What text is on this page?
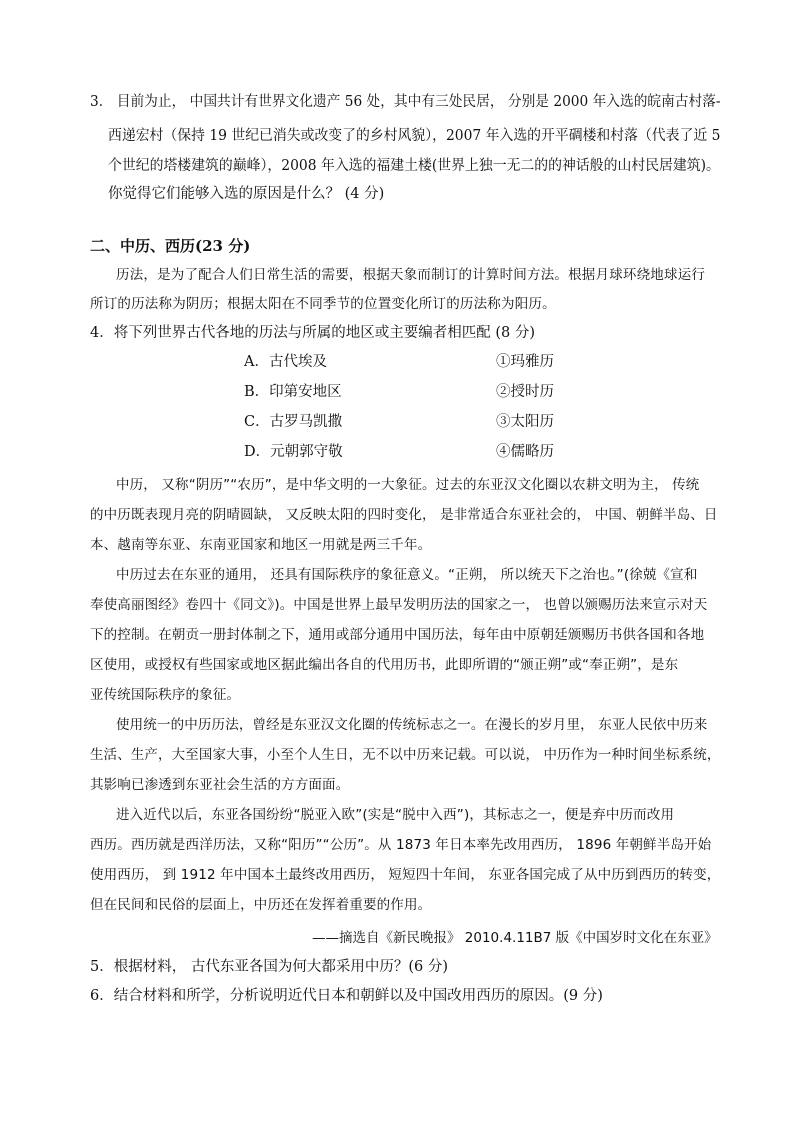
3． 目前为止， 中国共计有世界文化遗产 56 处，其中有三处民居， 分别是 2000 年入选的皖南古村落-
西递宏村（保持 19 世纪已消失或改变了的乡村风貌），2007 年入选的开平碉楼和村落（代表了近 5
个世纪的塔楼建筑的巅峰），2008 年入选的福建土楼(世界上独一无二的的神话般的山村民居建筑)。
你觉得它们能够入选的原因是什么？ (4 分)
二、中历、西历(23 分)
历法，是为了配合人们日常生活的需要，根据天象而制订的计算时间方法。根据月球环绕地球运行
所订的历法称为阴历；根据太阳在不同季节的位置变化所订的历法称为阳历。
4．将下列世界古代各地的历法与所属的地区或主要编者相匹配 (8 分)
A．古代埃及
B．印第安地区
C．古罗马凯撒
D．元朝郭守敬
①玛雅历
②授时历
③太阳历
④儒略历
中历， 又称“阴历”“农历”，是中华文明的一大象征。过去的东亚汉文化圈以农耕文明为主， 传统
的中历既表现月亮的阴晴圆缺， 又反映太阳的四时变化， 是非常适合东亚社会的， 中国、朝鲜半岛、日
本、越南等东亚、东南亚国家和地区一用就是两三千年。
中历过去在东亚的通用， 还具有国际秩序的象征意义。“正朔， 所以统天下之治也。”(徐兢《宣和
奉使高丽图经》卷四十《同文》)。中国是世界上最早发明历法的国家之一， 也曾以颁赐历法来宣示对天
下的控制。在朝贡一册封体制之下，通用或部分通用中国历法，每年由中原朝廷颁赐历书供各国和各地
区使用，或授权有些国家或地区据此编出各自的代用历书，此即所谓的“颁正朔”或“奉正朔”，是东
亚传统国际秩序的象征。
使用统一的中历历法，曾经是东亚汉文化圈的传统标志之一。在漫长的岁月里， 东亚人民依中历来
生活、生产，大至国家大事，小至个人生日，无不以中历来记载。可以说， 中历作为一种时间坐标系统，
其影响已渗透到东亚社会生活的方方面面。
进入近代以后，东亚各国纷纷“脱亚入欧”(实是“脱中入西”)，其标志之一，便是弃中历而改用
西历。西历就是西洋历法，又称“阳历”“公历”。从 1873 年日本率先改用西历， 1896 年朝鲜半岛开始
使用西历， 到 1912 年中国本土最终改用西历， 短短四十年间， 东亚各国完成了从中历到西历的转变，
但在民间和民俗的层面上，中历还在发挥着重要的作用。
——摘选自《新民晚报》 2010.4.11B7 版《中国岁时文化在东亚》
5．根据材料， 古代东亚各国为何大都采用中历？(6 分)
6．结合材料和所学，分析说明近代日本和朝鲜以及中国改用西历的原因。(9 分)
